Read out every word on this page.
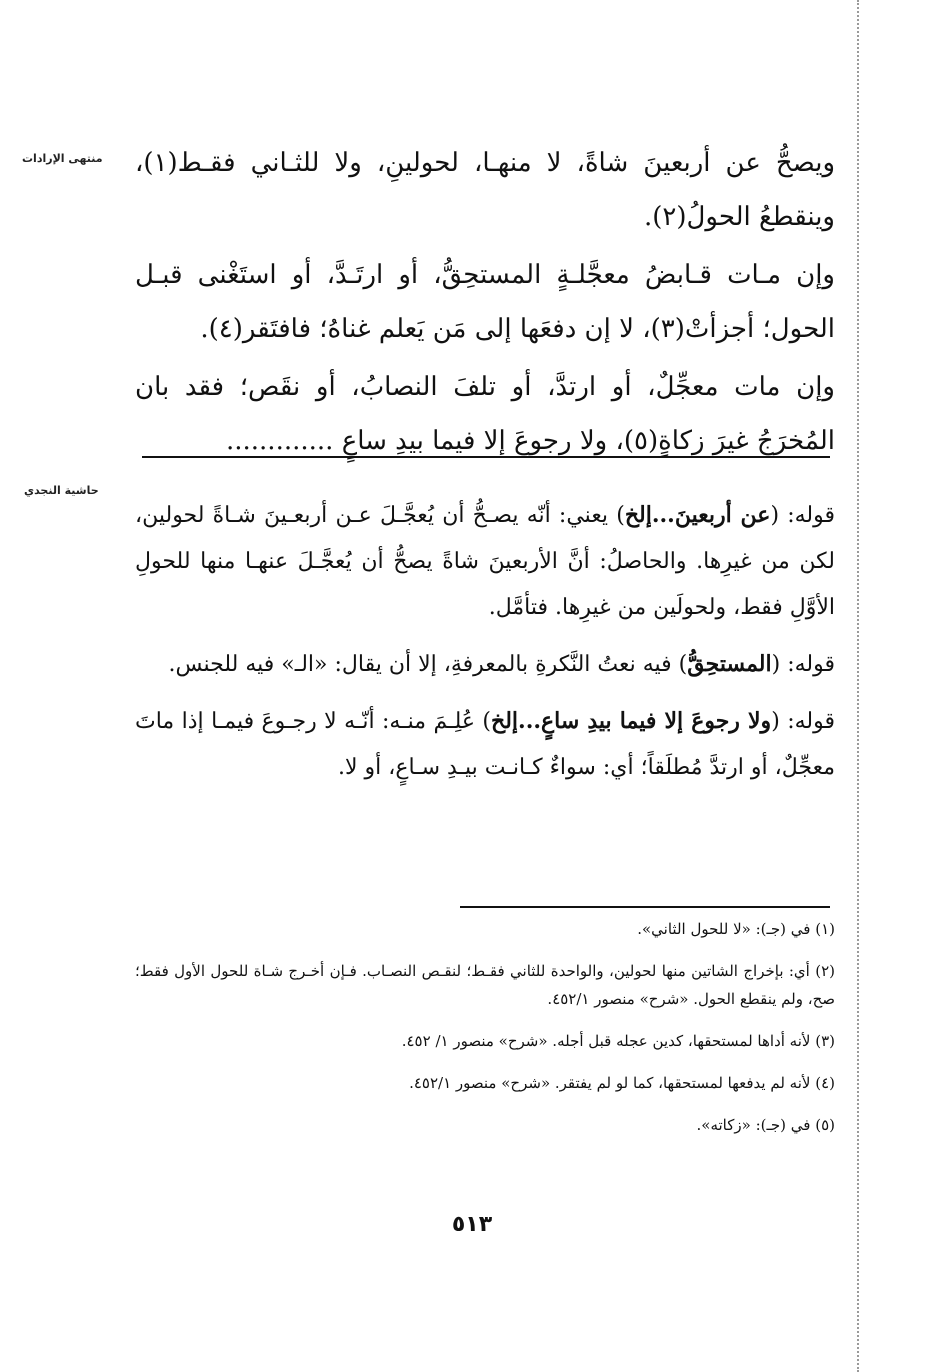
منتهى الإرادات
حاشية النجدي

ويصحُّ عن أربعينَ شاةً، لا منهـا، لحولينِ، ولا للثـاني فقـط(١)، وينقطعُ الحولُ(٢).

وإن مـات قـابضُ معجَّلـةٍ المستحِقُّ، أو ارتَـدَّ، أو استَغْنى قبـل الحول؛ أجزأتْ(٣)، لا إن دفعَها إلى مَن يَعلم غناهُ؛ فافتَقر(٤).

وإن مات معجِّلٌ، أو ارتدَّ، أو تلفَ النصابُ، أو نقَص؛ فقد بان المُخرَجُ غيرَ زكاةٍ(٥)، ولا رجوعَ إلا فيما بيدِ ساعٍ .............

قوله: (عن أربعينَ...إلخ) يعني: أنّه يصـحُّ أن يُعجَّـلَ عـن أربعـينَ شـاةً لحولين، لكن من غيرِها. والحاصلُ: أنَّ الأربعينَ شاةً يصحُّ أن يُعجَّـلَ عنهـا منها للحولِ الأوَّلِ فقط، ولحولَين من غيرِها. فتأمَّل.

قوله: (المستحِقُّ) فيه نعتُ النَّكرةِ بالمعرفةِ، إلا أن يقال: «الـ» فيه للجنس.

قوله: (ولا رجوعَ إلا فيما بيدِ ساعٍ...إلخ) عُلِـمَ منـه: أنّـه لا رجـوعَ فيمـا إذا ماتَ معجِّلٌ، أو ارتدَّ مُطلَقاً؛ أي: سواءٌ كـانـت بيـدِ سـاعٍ، أو لا.

(١) في (جـ): «لا للحول الثاني».

(٢) أي: بإخراج الشاتين منها لحولين، والواحدة للثاني فقـط؛ لنقـص النصـاب. فـإن أخـرج شـاة للحول الأول فقط؛ صح، ولم ينقطع الحول. «شرح» منصور ٤٥٢/١.

(٣) لأنه أداها لمستحقها، كدين عجله قبل أجله. «شرح» منصور ١/ ٤٥٢.

(٤) لأنه لم يدفعها لمستحقها، كما لو لم يفتقر. «شرح» منصور ٤٥٢/١.

(٥) في (جـ): «زكاته».

٥١٣
